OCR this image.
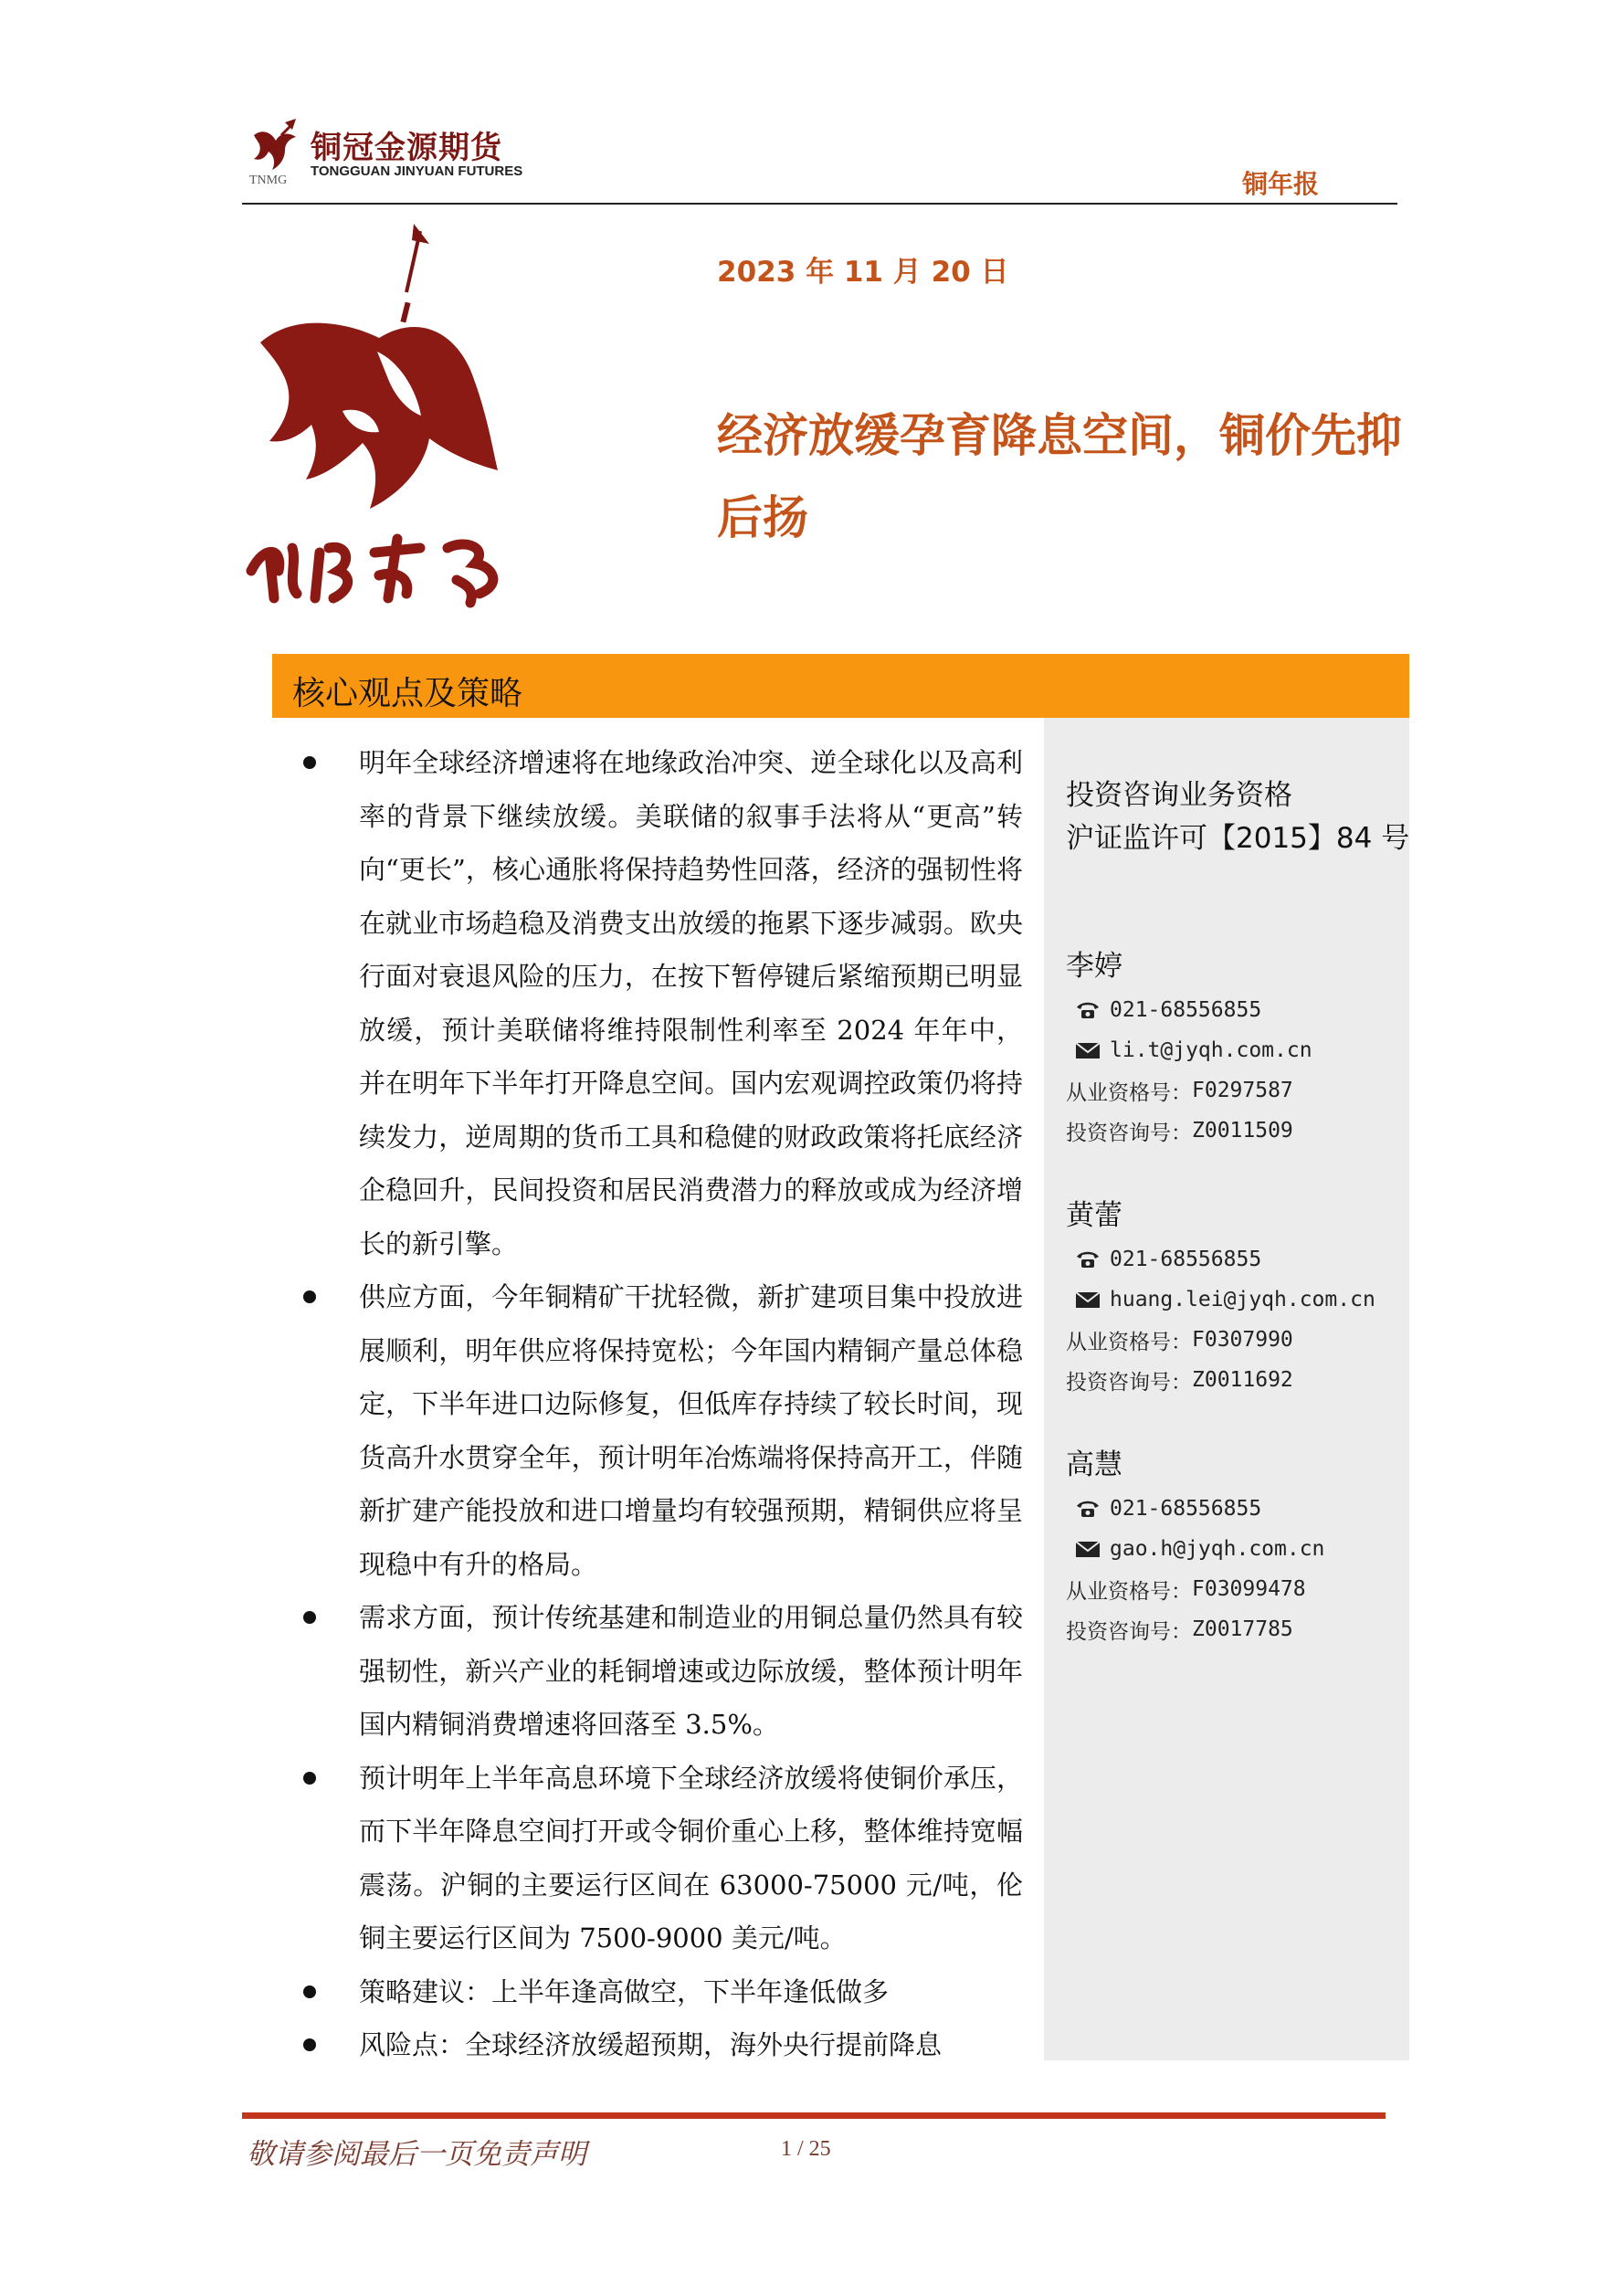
铜冠金源期货
TONGGUAN JINYUAN FUTURES
TNMG	铜年报
2023 年 11 月 20 日
经济放缓孕育降息空间，铜价先抑
后扬
核心观点及策略
投资咨询业务资格
沪证监许可【2015】84 号
李婷
021-68556855
li.t@jyqh.com.cn
从业资格号： F0297587
投资咨询号： Z0011509
黄蕾
021-68556855
huang.lei@jyqh.com.cn
从业资格号： F0307990
投资咨询号： Z0011692
高慧
021-68556855
gao.h@jyqh.com.cn
从业资格号： F03099478
投资咨询号： Z0017785
明年全球经济增速将在地缘政治冲突、逆全球化以及高利率的背景下继续放缓。美联储的叙事手法将从“更高”转向“更长”，核心通胀将保持趋势性回落，经济的强韧性将在就业市场趋稳及消费支出放缓的拖累下逐步减弱。欧央行面对衰退风险的压力，在按下暂停键后紧缩预期已明显放缓，预计美联储将维持限制性利率至 2024 年年中，并在明年下半年打开降息空间。国内宏观调控政策仍将持续发力，逆周期的货币工具和稳健的财政政策将托底经济企稳回升，民间投资和居民消费潜力的释放或成为经济增长的新引擎。
供应方面，今年铜精矿干扰轻微，新扩建项目集中投放进展顺利，明年供应将保持宽松；今年国内精铜产量总体稳定，下半年进口边际修复，但低库存持续了较长时间，现货高升水贯穿全年，预计明年冶炼端将保持高开工，伴随新扩建产能投放和进口增量均有较强预期，精铜供应将呈现稳中有升的格局。
需求方面，预计传统基建和制造业的用铜总量仍然具有较强韧性，新兴产业的耗铜增速或边际放缓，整体预计明年国内精铜消费增速将回落至 3.5%。
预计明年上半年高息环境下全球经济放缓将使铜价承压，而下半年降息空间打开或令铜价重心上移，整体维持宽幅震荡。沪铜的主要运行区间在 63000-75000 元/吨，伦铜主要运行区间为 7500-9000 美元/吨。
策略建议：上半年逢高做空，下半年逢低做多
风险点：全球经济放缓超预期，海外央行提前降息
敬请参阅最后一页免责声明	1 / 25
